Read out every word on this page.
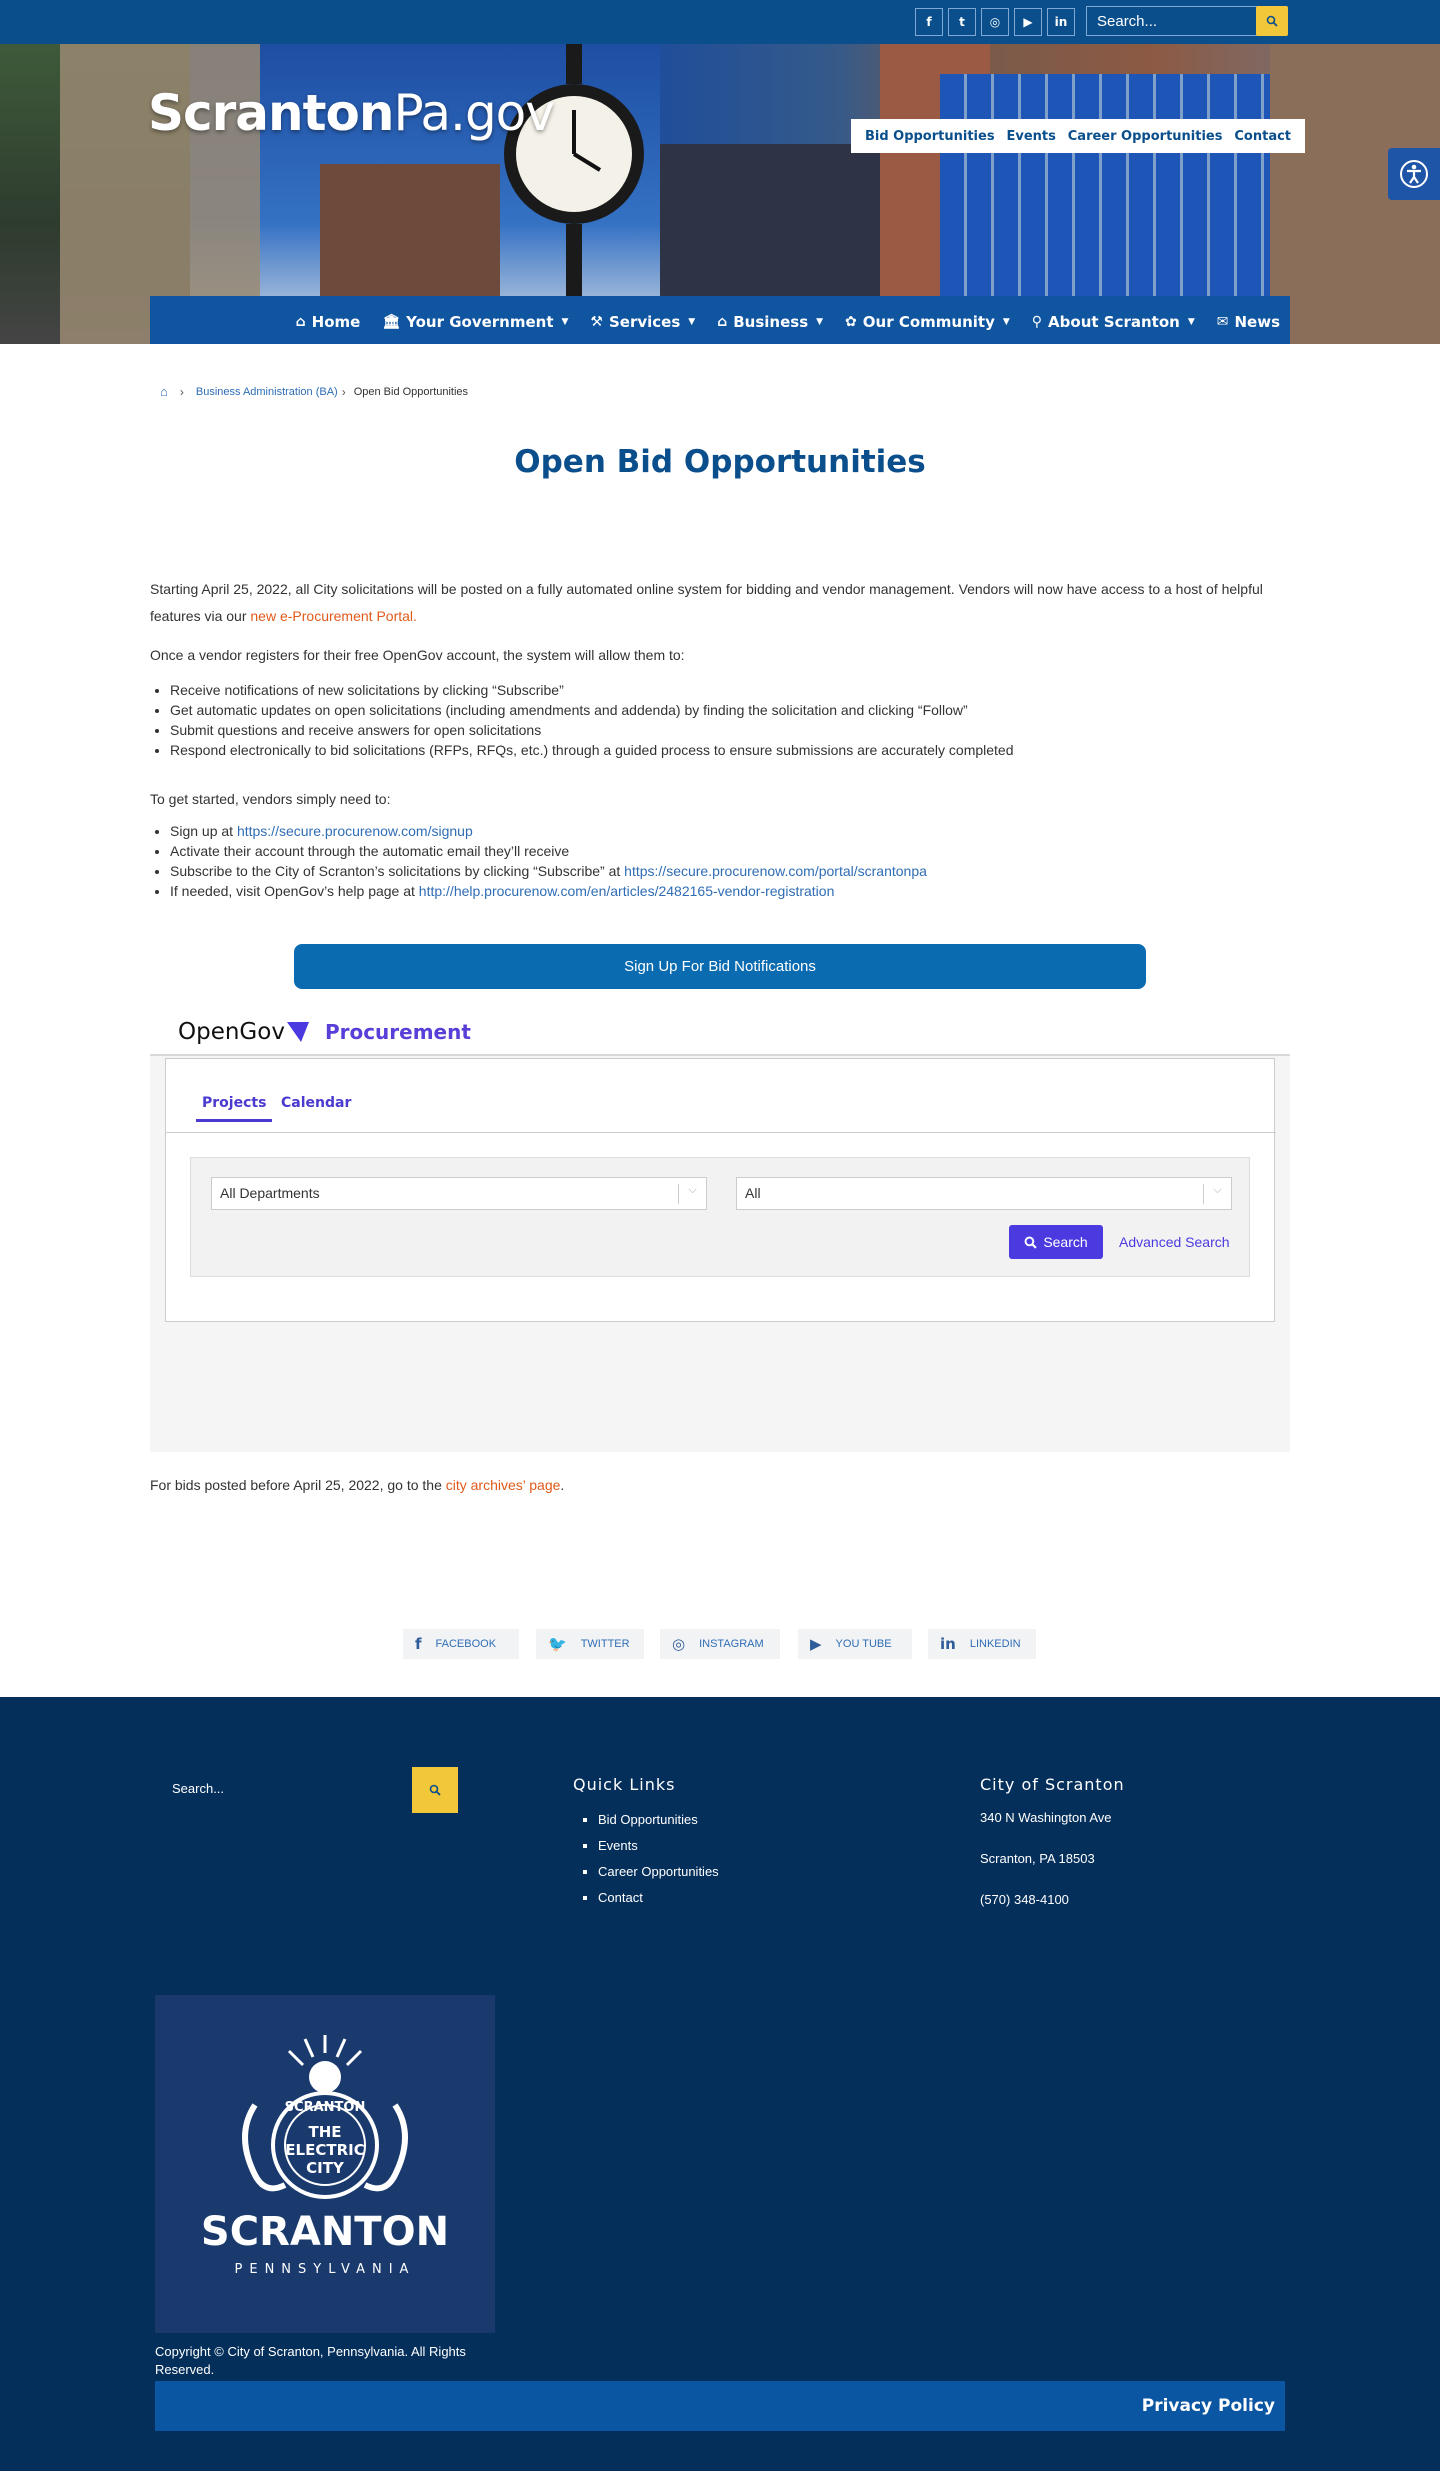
f	t	◎	▶	in	Search...
ScrantonPa.gov	Bid Opportunities Events Career Opportunities Contact
⌂ Home 🏛 Your Government ▼ ⚒ Services ▼ ⌂ Business ▼ ✿ Our Community ▼ ⚲ About Scranton ▼ ✉ News
⌂ › Business Administration (BA) › Open Bid Opportunities
Open Bid Opportunities
Starting April 25, 2022, all City solicitations will be posted on a fully automated online system for bidding and vendor management. Vendors will now have access to a host of helpful features via our new e-Procurement Portal.
Once a vendor registers for their free OpenGov account, the system will allow them to:
• Receive notifications of new solicitations by clicking “Subscribe”
• Get automatic updates on open solicitations (including amendments and addenda) by finding the solicitation and clicking “Follow”
• Submit questions and receive answers for open solicitations
• Respond electronically to bid solicitations (RFPs, RFQs, etc.) through a guided process to ensure submissions are accurately completed
To get started, vendors simply need to:
• Sign up at https://secure.procurenow.com/signup
• Activate their account through the automatic email they’ll receive
• Subscribe to the City of Scranton’s solicitations by clicking “Subscribe” at https://secure.procurenow.com/portal/scrantonpa
• If needed, visit OpenGov’s help page at http://help.procurenow.com/en/articles/2482165-vendor-registration
Sign Up For Bid Notifications
OpenGov Procurement
Projects	Calendar
All Departments	⌵	All	⌵
Search Advanced Search
For bids posted before April 25, 2022, go to the city archives’ page.
f FACEBOOK	🐦 TWITTER	◎ INSTAGRAM	▶ YOU TUBE	in LINKEDIN
Search...	Quick Links
▪ Bid Opportunities
▪ Events
▪ Career Opportunities
▪ Contact
City of Scranton
340 N Washington Ave
Scranton, PA 18503
(570) 348-4100
SCRANTON
THE
ELECTRIC
CITY
SCRANTON
PENNSYLVANIA
Copyright © City of Scranton, Pennsylvania. All Rights Reserved.
Privacy Policy
